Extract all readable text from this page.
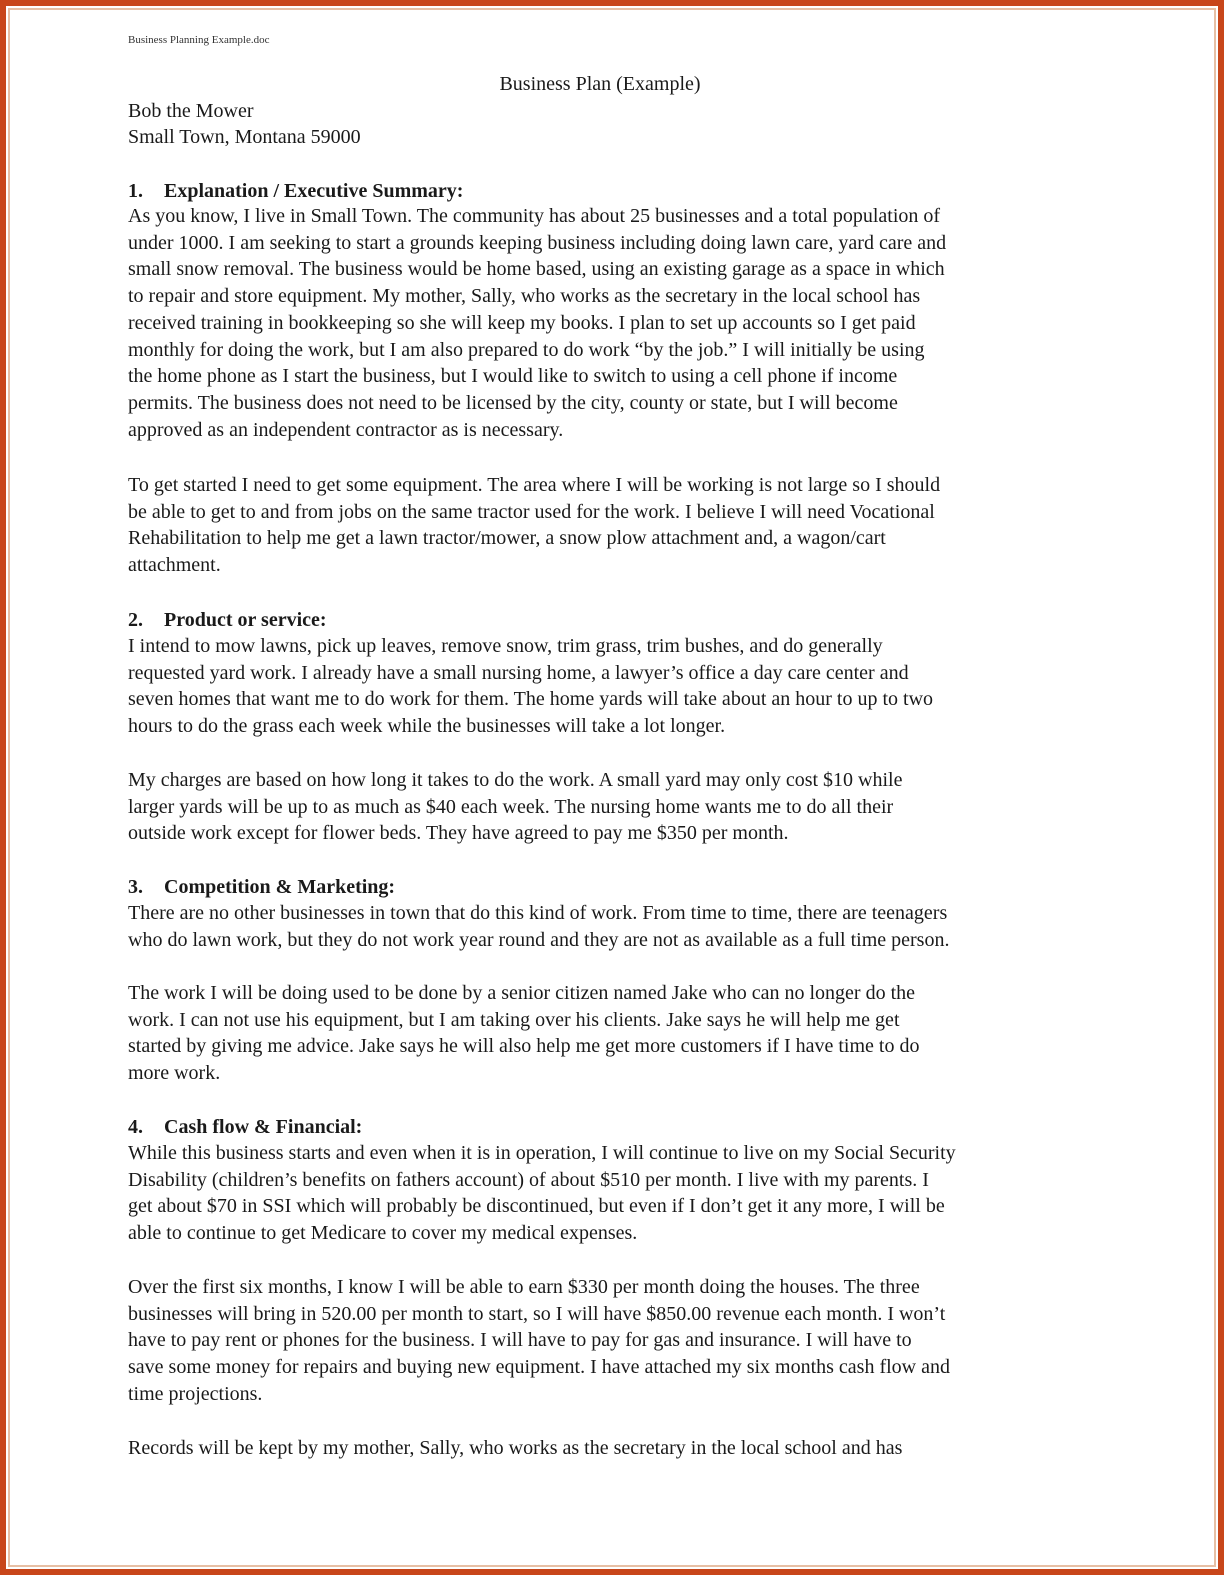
Business Planning Example.doc
Business Plan (Example)
Bob the Mower
Small Town, Montana 59000
1. Explanation / Executive Summary:

As you know, I live in Small Town. The community has about 25 businesses and a total population of
under 1000. I am seeking to start a grounds keeping business including doing lawn care, yard care and
small snow removal. The business would be home based, using an existing garage as a space in which
to repair and store equipment. My mother, Sally, who works as the secretary in the local school has
received training in bookkeeping so she will keep my books. I plan to set up accounts so I get paid
monthly for doing the work, but I am also prepared to do work “by the job.” I will initially be using
the home phone as I start the business, but I would like to switch to using a cell phone if income
permits. The business does not need to be licensed by the city, county or state, but I will become
approved as an independent contractor as is necessary.

To get started I need to get some equipment. The area where I will be working is not large so I should
be able to get to and from jobs on the same tractor used for the work. I believe I will need Vocational
Rehabilitation to help me get a lawn tractor/mower, a snow plow attachment and, a wagon/cart
attachment.

2. Product or service:

I intend to mow lawns, pick up leaves, remove snow, trim grass, trim bushes, and do generally
requested yard work. I already have a small nursing home, a lawyer’s office a day care center and
seven homes that want me to do work for them. The home yards will take about an hour to up to two
hours to do the grass each week while the businesses will take a lot longer.

My charges are based on how long it takes to do the work. A small yard may only cost $10 while
larger yards will be up to as much as $40 each week. The nursing home wants me to do all their
outside work except for flower beds. They have agreed to pay me $350 per month.

3. Competition & Marketing:

There are no other businesses in town that do this kind of work. From time to time, there are teenagers
who do lawn work, but they do not work year round and they are not as available as a full time person.

The work I will be doing used to be done by a senior citizen named Jake who can no longer do the
work. I can not use his equipment, but I am taking over his clients. Jake says he will help me get
started by giving me advice. Jake says he will also help me get more customers if I have time to do
more work.

4. Cash flow & Financial:

While this business starts and even when it is in operation, I will continue to live on my Social Security
Disability (children’s benefits on fathers account) of about $510 per month. I live with my parents. I
get about $70 in SSI which will probably be discontinued, but even if I don’t get it any more, I will be
able to continue to get Medicare to cover my medical expenses.

Over the first six months, I know I will be able to earn $330 per month doing the houses. The three
businesses will bring in 520.00 per month to start, so I will have $850.00 revenue each month. I won’t
have to pay rent or phones for the business. I will have to pay for gas and insurance. I will have to
save some money for repairs and buying new equipment. I have attached my six months cash flow and
time projections.

Records will be kept by my mother, Sally, who works as the secretary in the local school and has
